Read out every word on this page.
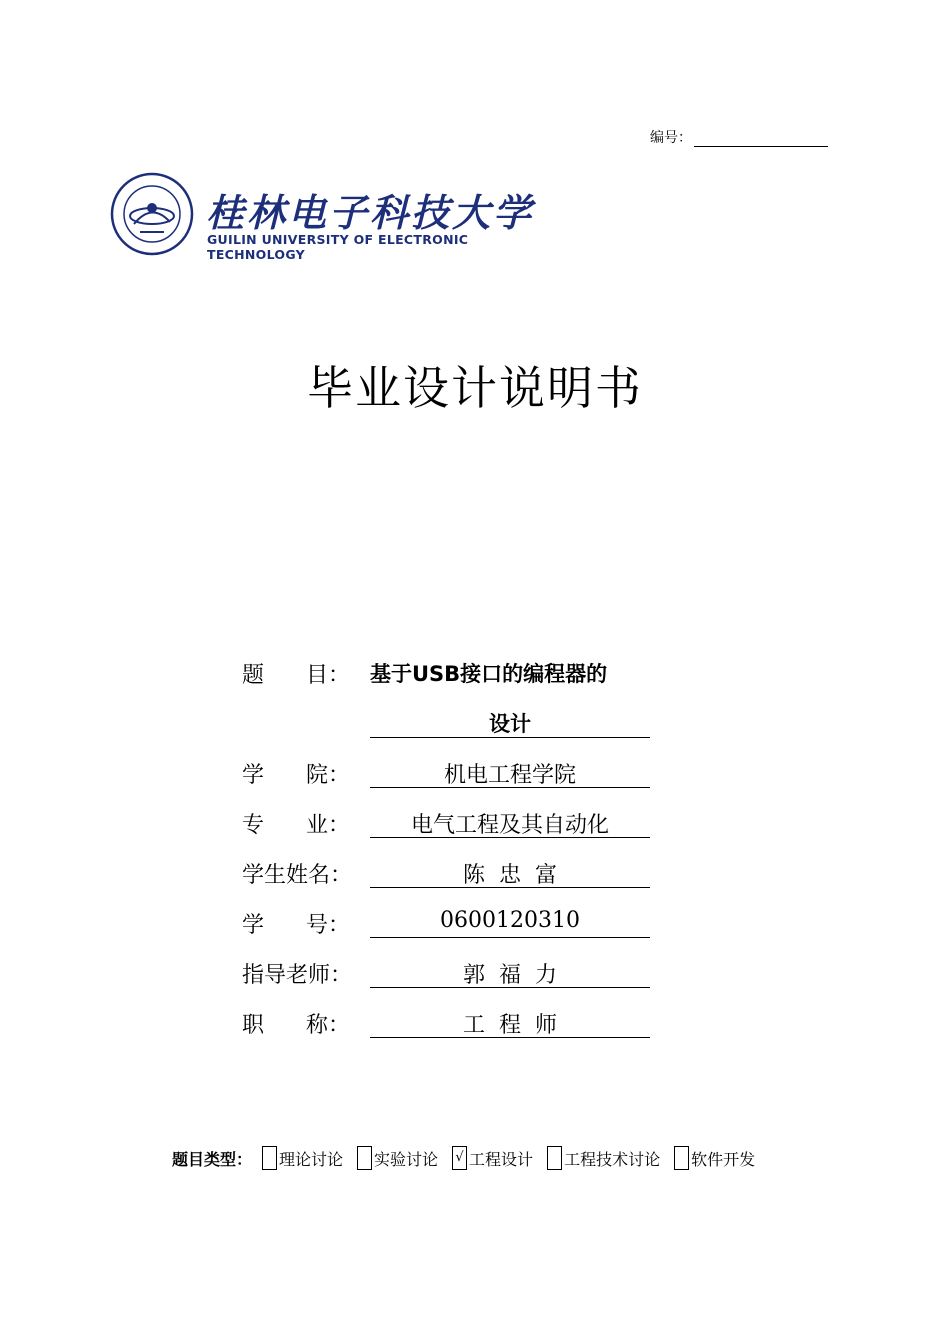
编号：
桂林电子科技大学
GUILIN UNIVERSITY OF ELECTRONIC TECHNOLOGY
毕业设计说明书
题      目： 基于USB接口的编程器的
设计
学      院：	机电工程学院
专      业：	电气工程及其自动化
学生姓名：	陈  忠  富
学      号：	0600120310
指导老师：	郭  福  力
职      称：	工  程  师
题目类型： 理论讨论 实验讨论 √ 工程设计 工程技术讨论 软件开发
